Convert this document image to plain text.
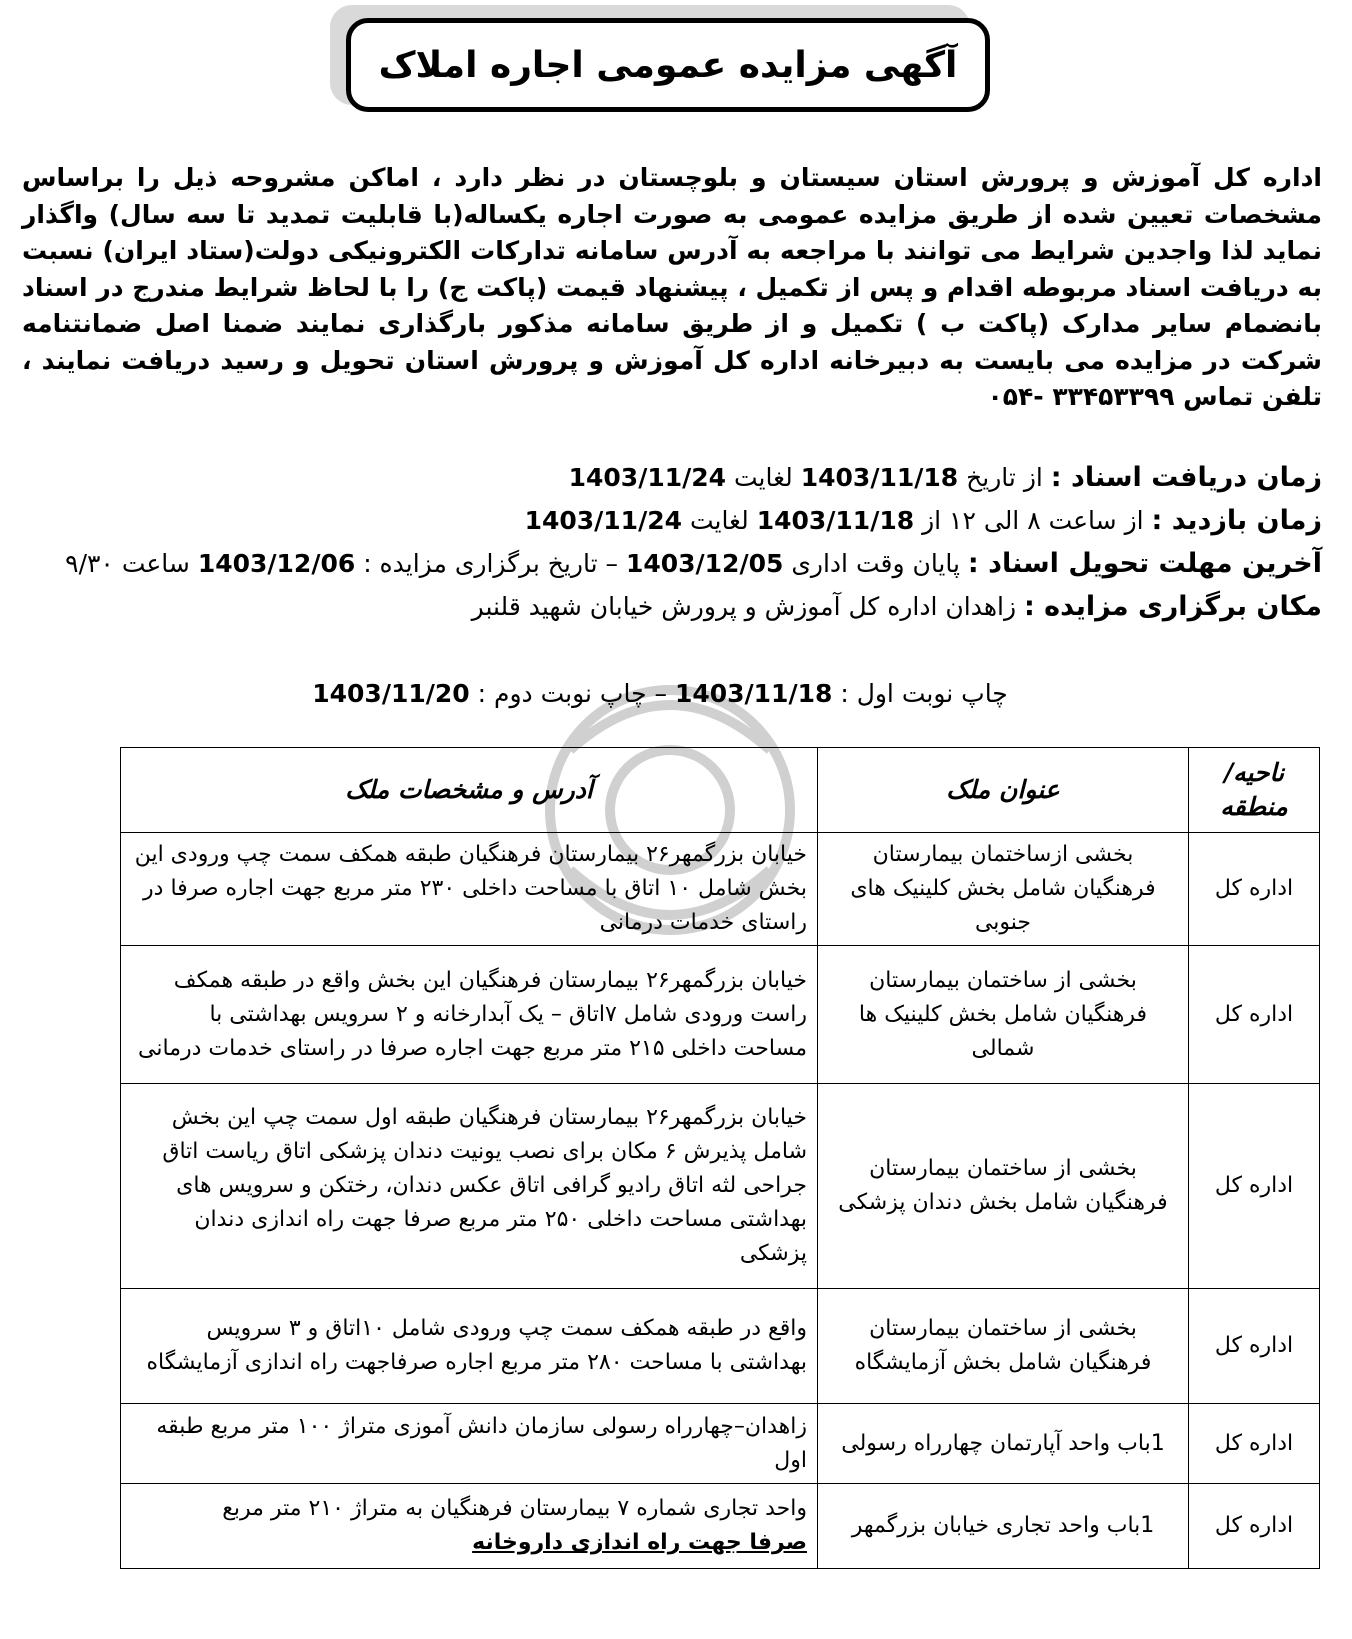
آگهی مزایده عمومی اجاره املاک
اداره کل آموزش و پرورش استان سیستان و بلوچستان در نظر دارد ، اماکن مشروحه ذیل را براساس مشخصات تعیین شده از طریق مزایده عمومی به صورت اجاره یکساله(با قابلیت تمدید تا سه سال) واگذار نماید لذا واجدین شرایط می توانند با مراجعه به آدرس سامانه تدارکات الکترونیکی دولت(ستاد ایران) نسبت به دریافت اسناد مربوطه اقدام و پس از تکمیل ، پیشنهاد قیمت (پاکت ج) را با لحاظ شرایط مندرج در اسناد بانضمام سایر مدارک (پاکت ب ) تکمیل و از طریق سامانه مذکور بارگذاری نمایند ضمنا اصل ضمانتنامه شرکت در مزایده می بایست به دبیرخانه اداره کل آموزش و پرورش استان تحویل و رسید دریافت نمایند ، تلفن تماس ۳۳۴۵۳۳۹۹ -۰۵۴
زمان دریافت اسناد : از تاریخ 1403/11/18 لغایت 1403/11/24
زمان بازدید : از ساعت ۸ الی ۱۲ از 1403/11/18 لغایت 1403/11/24
آخرین مهلت تحویل اسناد : پایان وقت اداری 1403/12/05 – تاریخ برگزاری مزایده : 1403/12/06 ساعت ۹/۳۰
مکان برگزاری مزایده : زاهدان اداره کل آموزش و پرورش خیابان شهید قلنبر
چاپ نوبت اول : 1403/11/18 – چاپ نوبت دوم : 1403/11/20
ناحیه/منطقه	عنوان ملک	آدرس و مشخصات ملک
اداره کل	بخشی ازساختمان بیمارستان فرهنگیان شامل بخش کلینیک های جنوبی	خیابان بزرگمهر۲۶ بیمارستان فرهنگیان طبقه همکف سمت چپ ورودی این بخش شامل ۱۰ اتاق با مساحت داخلی ۲۳۰ متر مربع جهت اجاره صرفا در راستای خدمات درمانی
اداره کل	بخشی از ساختمان بیمارستان فرهنگیان شامل بخش کلینیک ها شمالی	خیابان بزرگمهر۲۶ بیمارستان فرهنگیان این بخش واقع در طبقه همکف راست ورودی شامل ۷اتاق – یک آبدارخانه و ۲ سرویس بهداشتی با مساحت داخلی ۲۱۵ متر مربع جهت اجاره صرفا در راستای خدمات درمانی
اداره کل	بخشی از ساختمان بیمارستان فرهنگیان شامل بخش دندان پزشکی	خیابان بزرگمهر۲۶ بیمارستان فرهنگیان طبقه اول سمت چپ این بخش شامل پذیرش ۶ مکان برای نصب یونیت دندان پزشکی اتاق ریاست اتاق جراحی لثه اتاق رادیو گرافی اتاق عکس دندان، رختکن و سرویس های بهداشتی مساحت داخلی ۲۵۰ متر مربع صرفا جهت راه اندازی دندان پزشکی
اداره کل	بخشی از ساختمان بیمارستان فرهنگیان شامل بخش آزمایشگاه	واقع در طبقه همکف سمت چپ ورودی شامل ۱۰اتاق و ۳ سرویس بهداشتی با مساحت ۲۸۰ متر مربع اجاره صرفاجهت راه اندازی آزمایشگاه
اداره کل	1باب واحد آپارتمان چهارراه رسولی	زاهدان–چهارراه رسولی سازمان دانش آموزی متراژ ۱۰۰ متر مربع طبقه اول
اداره کل	1باب واحد تجاری خیابان بزرگمهر	واحد تجاری شماره ۷ بیمارستان فرهنگیان به متراژ ۲۱۰ متر مربع
صرفا جهت راه اندازی داروخانه
